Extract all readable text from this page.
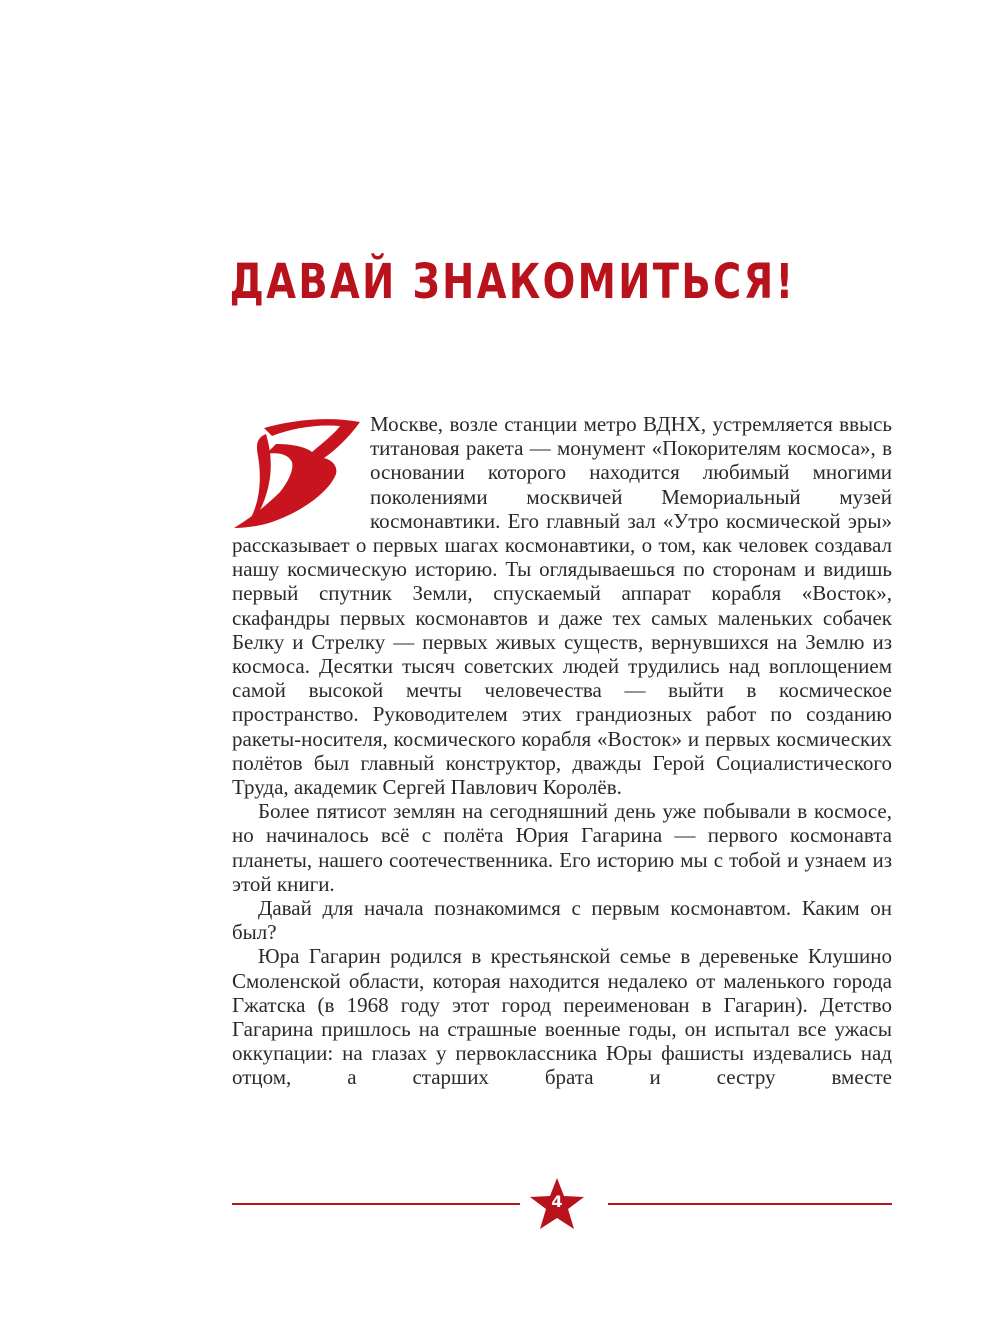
ДАВАЙ ЗНАКОМИТЬСЯ!

Москве, возле станции метро ВДНХ, устремляется ввысь титановая ракета — монумент «Покорителям космоса», в основании которого находится любимый многими поколениями москвичей Мемориальный музей космонавтики. Его главный зал «Утро космической эры» рассказывает о первых шагах космонавтики, о том, как человек создавал нашу космическую историю. Ты оглядываешься по сторонам и видишь первый спутник Земли, спускаемый аппарат корабля «Восток», скафандры первых космонавтов и даже тех самых маленьких собачек Белку и Стрелку — первых живых существ, вернувшихся на Землю из космоса. Десятки тысяч советских людей трудились над воплощением самой высокой мечты человечества — выйти в космическое пространство. Руководителем этих грандиозных работ по созданию ракеты-носителя, космического корабля «Восток» и первых космических полётов был главный конструктор, дважды Герой Социалистического Труда, академик Сергей Павлович Королёв.

Более пятисот землян на сегодняшний день уже побывали в космосе, но начиналось всё с полёта Юрия Гагарина — первого космонавта планеты, нашего соотечественника. Его историю мы с тобой и узнаем из этой книги.

Давай для начала познакомимся с первым космонавтом. Каким он был?

Юра Гагарин родился в крестьянской семье в деревеньке Клушино Смоленской области, которая находится недалеко от маленького города Гжатска (в 1968 году этот город переименован в Гагарин). Детство Гагарина пришлось на страшные военные годы, он испытал все ужасы оккупации: на глазах у первоклассника Юры фашисты издевались над отцом, а старших брата и сестру вместе

4
